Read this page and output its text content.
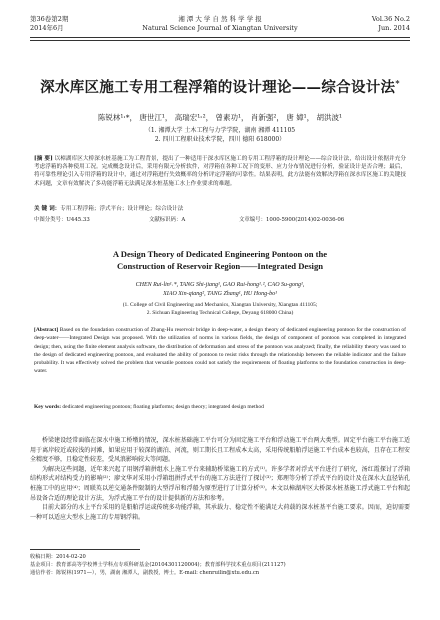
第36卷第2期
2014年6月
湘 潭 大 学 自 然 科 学 学 报
Natural Science Journal of Xiangtan University
Vol.36 No.2
Jun. 2014
深水库区施工专用工程浮箱的设计理论——综合设计法*
陈锐林¹˒*， 唐世江¹， 高瑞宏¹˒²， 曾素功¹， 肖新强²， 唐 嫜¹， 胡洪波¹
（1. 湘潭大学 土木工程与力学学院，湖南 湘潭 411105
2. 四川工程职业技术学院，四川 德阳 618000）
[摘 要] 以樟湖库区大桥深水桩基施工为工程背景，提出了一种适用于深水库区施工的专用工程浮箱的设计理论——综合设计法，给出设计依据并充分考虑浮箱的各种使用工况。完成概念设计后，采用有限元分析软件，对浮箱在各种工况下的变形、应力分布情况进行分析，验证设计是否合理；最后，将可靠性理论引入专用浮箱的设计中，通过对浮箱进行失效概率的分析评定浮箱的可靠性。结果表明，此方法能有效解决浮箱在深水库区施工的关键技术问题，文章有效解决了多功能浮箱无法满足深水桩基施工水上作业要求的难题。
关 键 词：专用工程浮箱；浮式平台；设计理论；综合设计法
中图分类号：U445.33	文献标识码：A	文章编号：1000-5900(2014)02-0036-06
A Design Theory of Dedicated Engineering Pontoon on the
Construction of Reservoir Region——Integrated Design
CHEN Rui-lin¹˒*, TANG Shi-jiang¹, GAO Rui-hong¹˒², CAO Su-gong¹,
XIAO Xin-qiang², TANG Zhang¹, HU Hong-bo¹
(1. College of Civil Engineering and Mechanics, Xiangtan University, Xiangtan 411105;
2. Sichuan Engineering Technical College, Deyang 618000 China)
[Abstract] Based on the foundation construction of Zhang-Hu reservoir bridge in deep-water, a design theory of dedicated engineering pontoon for the construction of deep-water——Integrated Design was proposed. With the utilization of norms in various fields, the design of component of pontoon was completed in integrated design; then, using the finite element analysis software, the distribution of deformation and stress of the pontoon was analyzed; finally, the reliability theory was used to the design of dedicated engineering pontoon, and evaluated the ability of pontoon to resist risks through the relationship between the reliable indicator and the failure probability. It was effectively solved the problem that versatile pontoon could not satisfy the requirements of floating platforms to the foundation construction in deep-water.
Key words: dedicated engineering pontoon; floating platforms; design theory; integrated design method

桥梁建设经常面临在深水中施工桥墩的情况，深水桩基础施工平台可分为固定施工平台和浮动施工平台两大类型。固定平台施工平台施工适用于离岸较近或较浅的河滩，如果应用于较深的湖泊、河流，则工期长且工程成本太高，采用传统船舶浮运施工平台成本也较高，且存在工程安全精度不够，且稳定性较差，受风浪影响较大等问题。

为解决这些问题，近年来兴起了用钢浮箱拼组水上施工平台来辅助桥梁施工的方式⁽¹⁾。许多学者对浮式平台进行了研究，汤红霞探讨了浮箱结构形式对结构受力的影响⁽²⁾；廖文华对采用小浮箱组拼浮式平台的施工方法进行了探讨⁽³⁾；郑理等分析了浮式平台的设计及在深水大直径钻孔桩施工中的应用⁽⁴⁾；周联英以逆交通条件限制的大型浮吊和浮船为原型进行了计算分析⁽⁵⁾。本文以樟湖库区大桥深水桩基施工浮式施工平台和起吊设备合适的理论设计方法，为浮式施工平台的设计提供新的方法和参考。

目前大部分的水上平台采用的是船舶浮运或传统多功能浮箱，其承载力、稳定性不能满足大荷载的深水桩基平台施工要求。因而，迫切需要一种可以适应大型水上施工的专用钢浮箱。

收稿日期：2014-02-20
基金项目：教育部高等学校博士学科点专项科研基金(20104301120004)；教育部科学技术重点项目(211127)
通信作者：陈锐林(1971—），男，湖南 湘潭人，副教授，博士。E-mail: chenruilin@xtu.edu.cn
